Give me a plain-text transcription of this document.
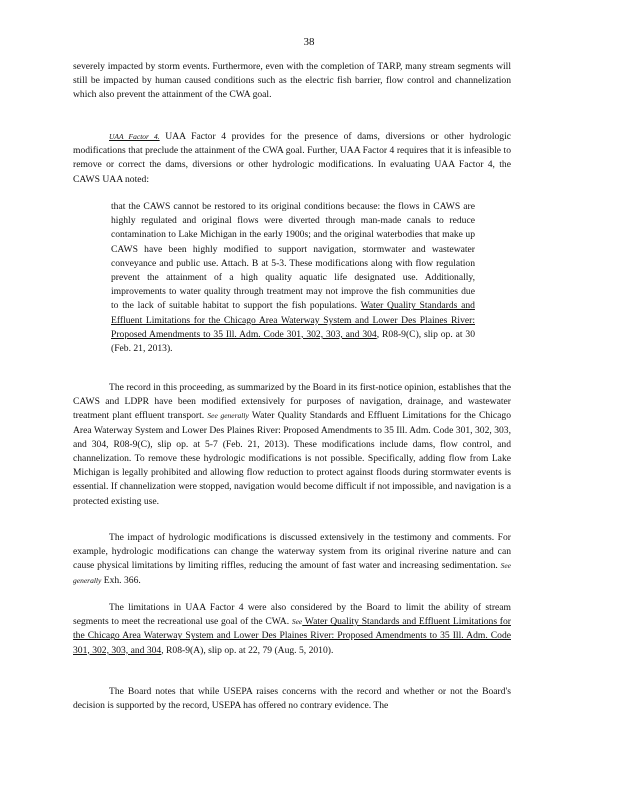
38

severely impacted by storm events. Furthermore, even with the completion of TARP, many stream segments will still be impacted by human caused conditions such as the electric fish barrier, flow control and channelization which also prevent the attainment of the CWA goal.

UAA Factor 4. UAA Factor 4 provides for the presence of dams, diversions or other hydrologic modifications that preclude the attainment of the CWA goal. Further, UAA Factor 4 requires that it is infeasible to remove or correct the dams, diversions or other hydrologic modifications. In evaluating UAA Factor 4, the CAWS UAA noted:

that the CAWS cannot be restored to its original conditions because: the flows in CAWS are highly regulated and original flows were diverted through man-made canals to reduce contamination to Lake Michigan in the early 1900s; and the original waterbodies that make up CAWS have been highly modified to support navigation, stormwater and wastewater conveyance and public use. Attach. B at 5-3. These modifications along with flow regulation prevent the attainment of a high quality aquatic life designated use. Additionally, improvements to water quality through treatment may not improve the fish communities due to the lack of suitable habitat to support the fish populations. Water Quality Standards and Effluent Limitations for the Chicago Area Waterway System and Lower Des Plaines River: Proposed Amendments to 35 Ill. Adm. Code 301, 302, 303, and 304, R08-9(C), slip op. at 30 (Feb. 21, 2013).

The record in this proceeding, as summarized by the Board in its first-notice opinion, establishes that the CAWS and LDPR have been modified extensively for purposes of navigation, drainage, and wastewater treatment plant effluent transport. See generally Water Quality Standards and Effluent Limitations for the Chicago Area Waterway System and Lower Des Plaines River: Proposed Amendments to 35 Ill. Adm. Code 301, 302, 303, and 304, R08-9(C), slip op. at 5-7 (Feb. 21, 2013). These modifications include dams, flow control, and channelization. To remove these hydrologic modifications is not possible. Specifically, adding flow from Lake Michigan is legally prohibited and allowing flow reduction to protect against floods during stormwater events is essential. If channelization were stopped, navigation would become difficult if not impossible, and navigation is a protected existing use.

The impact of hydrologic modifications is discussed extensively in the testimony and comments. For example, hydrologic modifications can change the waterway system from its original riverine nature and can cause physical limitations by limiting riffles, reducing the amount of fast water and increasing sedimentation. See generally Exh. 366.

The limitations in UAA Factor 4 were also considered by the Board to limit the ability of stream segments to meet the recreational use goal of the CWA. See Water Quality Standards and Effluent Limitations for the Chicago Area Waterway System and Lower Des Plaines River: Proposed Amendments to 35 Ill. Adm. Code 301, 302, 303, and 304, R08-9(A), slip op. at 22, 79 (Aug. 5, 2010).

The Board notes that while USEPA raises concerns with the record and whether or not the Board's decision is supported by the record, USEPA has offered no contrary evidence. The
